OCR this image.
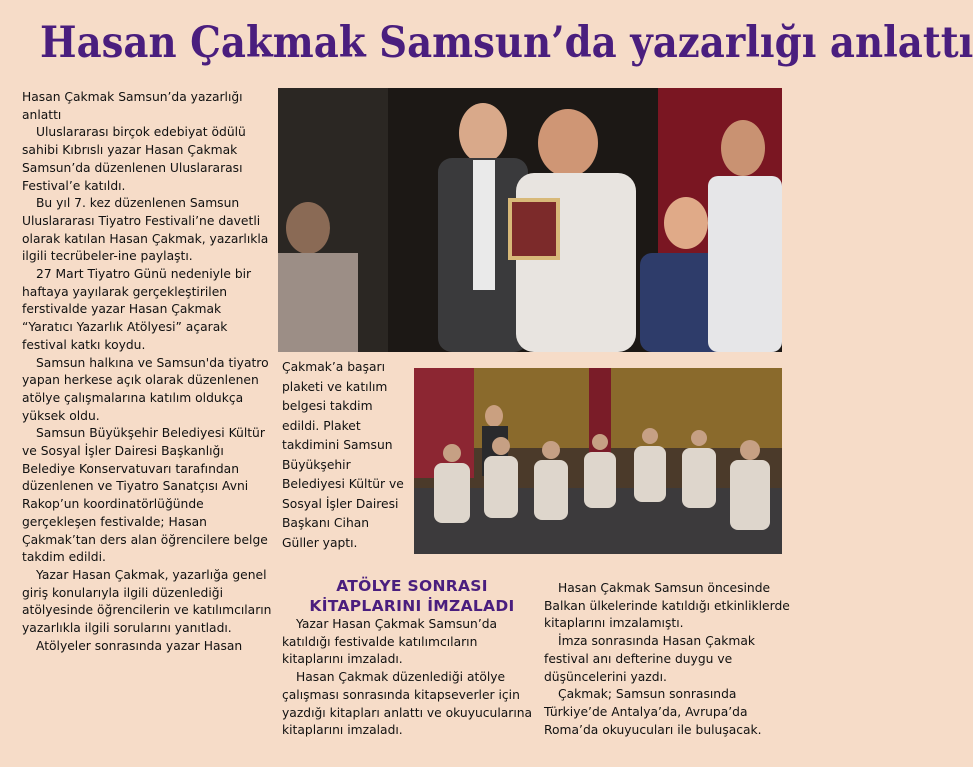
Hasan Çakmak Samsun’da yazarlığı anlattı

Hasan Çakmak Samsun’da yazarlığı anlattı

Uluslararası birçok edebiyat ödülü sahibi Kıbrıslı yazar Hasan Çakmak Samsun’da düzenlenen Uluslararası Festival’e katıldı.

Bu yıl 7. kez düzenlenen Samsun Uluslararası Tiyatro Festivali’ne davetli olarak katılan Hasan Çakmak, yazarlıkla ilgili tecrübeler-ine paylaştı.

27 Mart Tiyatro Günü nedeniyle bir haftaya yayılarak gerçekleştirilen ferstivalde yazar Hasan Çakmak “Yaratıcı Yazarlık Atölyesi” açarak festival katkı koydu.

Samsun halkına ve Samsun'da tiyatro yapan herkese açık olarak düzenlenen atölye çalışmalarına katılım oldukça yüksek oldu.

Samsun Büyükşehir Belediyesi Kültür ve Sosyal İşler Dairesi Başkanlığı Belediye Konservatuvarı tarafından düzenlenen ve Tiyatro Sanatçısı Avni Rakop’un koordinatörlüğünde gerçekleşen festivalde; Hasan Çakmak’tan ders alan öğrencilere belge takdim edildi.

Yazar Hasan Çakmak, yazarlığa genel giriş konularıyla ilgili düzenlediği atölyesinde öğrencilerin ve katılımcıların yazarlıkla ilgili sorularını yanıtladı.

Atölyeler sonrasında yazar Hasan

Çakmak’a başarı plaketi ve katılım belgesi takdim edildi. Plaket takdimini Samsun Büyükşehir Belediyesi Kültür ve Sosyal İşler Dairesi Başkanı Cihan Güller yaptı.

ATÖLYE SONRASI KİTAPLARINI İMZALADI

Yazar Hasan Çakmak Samsun’da katıldığı festivalde katılımcıların kitaplarını imzaladı.

Hasan Çakmak düzenlediği atölye çalışması sonrasında kitapseverler için yazdığı kitapları anlattı ve okuyucularına kitaplarını imzaladı.

Hasan Çakmak Samsun öncesinde Balkan ülkelerinde katıldığı etkinliklerde kitaplarını imzalamıştı.

İmza sonrasında Hasan Çakmak festival anı defterine duygu ve düşüncelerini yazdı.

Çakmak; Samsun sonrasında Türkiye’de Antalya’da, Avrupa’da Roma’da okuyucuları ile buluşacak.
